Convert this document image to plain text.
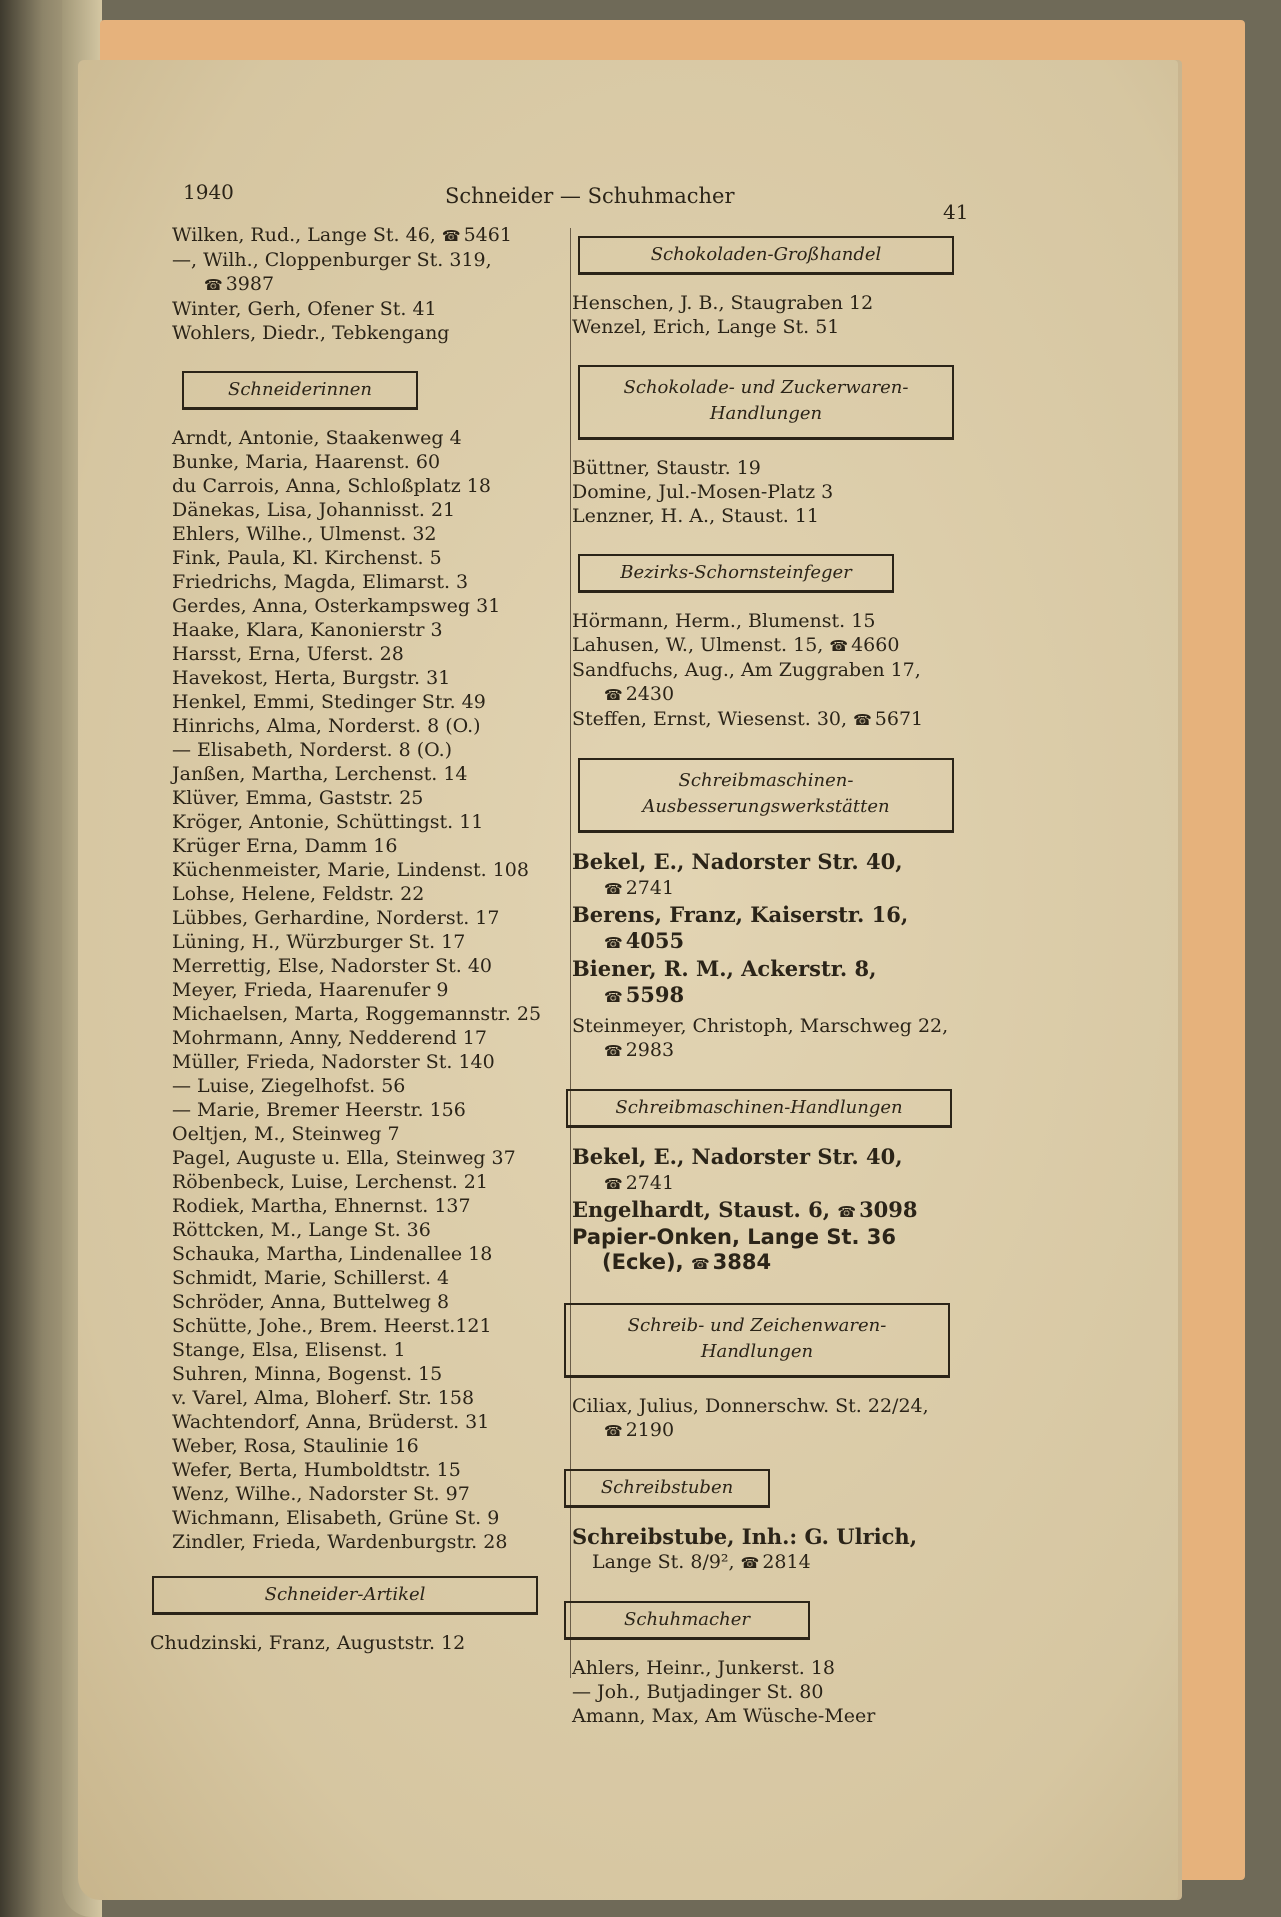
1940	Schneider — Schuhmacher
41
Wilken, Rud., Lange St. 46, ☎ 5461
—, Wilh., Cloppenburger St. 319,
☎ 3987
Winter, Gerh, Ofener St. 41
Wohlers, Diedr., Tebkengang
Schneiderinnen
Arndt, Antonie, Staakenweg 4
Bunke, Maria, Haarenst. 60
du Carrois, Anna, Schloßplatz 18
Dänekas, Lisa, Johannisst. 21
Ehlers, Wilhe., Ulmenst. 32
Fink, Paula, Kl. Kirchenst. 5
Friedrichs, Magda, Elimarst. 3
Gerdes, Anna, Osterkampsweg 31
Haake, Klara, Kanonierstr 3
Harsst, Erna, Uferst. 28
Havekost, Herta, Burgstr. 31
Henkel, Emmi, Stedinger Str. 49
Hinrichs, Alma, Norderst. 8 (O.)
— Elisabeth, Norderst. 8 (O.)
Janßen, Martha, Lerchenst. 14
Klüver, Emma, Gaststr. 25
Kröger, Antonie, Schüttingst. 11
Krüger Erna, Damm 16
Küchenmeister, Marie, Lindenst. 108
Lohse, Helene, Feldstr. 22
Lübbes, Gerhardine, Norderst. 17
Lüning, H., Würzburger St. 17
Merrettig, Else, Nadorster St. 40
Meyer, Frieda, Haarenufer 9
Michaelsen, Marta, Roggemannstr. 25
Mohrmann, Anny, Nedderend 17
Müller, Frieda, Nadorster St. 140
— Luise, Ziegelhofst. 56
— Marie, Bremer Heerstr. 156
Oeltjen, M., Steinweg 7
Pagel, Auguste u. Ella, Steinweg 37
Röbenbeck, Luise, Lerchenst. 21
Rodiek, Martha, Ehnernst. 137
Röttcken, M., Lange St. 36
Schauka, Martha, Lindenallee 18
Schmidt, Marie, Schillerst. 4
Schröder, Anna, Buttelweg 8
Schütte, Johe., Brem. Heerst.121
Stange, Elsa, Elisenst. 1
Suhren, Minna, Bogenst. 15
v. Varel, Alma, Bloherf. Str. 158
Wachtendorf, Anna, Brüderst. 31
Weber, Rosa, Staulinie 16
Wefer, Berta, Humboldtstr. 15
Wenz, Wilhe., Nadorster St. 97
Wichmann, Elisabeth, Grüne St. 9
Zindler, Frieda, Wardenburgstr. 28
Schneider-Artikel
Chudzinski, Franz, Auguststr. 12
Schokoladen-Großhandel
Henschen, J. B., Staugraben 12
Wenzel, Erich, Lange St. 51
Schokolade- und Zuckerwaren-
Handlungen
Büttner, Staustr. 19
Domine, Jul.-Mosen-Platz 3
Lenzner, H. A., Staust. 11
Bezirks-Schornsteinfeger
Hörmann, Herm., Blumenst. 15
Lahusen, W., Ulmenst. 15, ☎ 4660
Sandfuchs, Aug., Am Zuggraben 17,
☎ 2430
Steffen, Ernst, Wiesenst. 30, ☎ 5671
Schreibmaschinen-
Ausbesserungswerkstätten
Bekel, E., Nadorster Str. 40,
☎ 2741
Berens, Franz, Kaiserstr. 16,
☎ 4055
Biener, R. M., Ackerstr. 8,
☎ 5598
Steinmeyer, Christoph, Marschweg 22,
☎ 2983
Schreibmaschinen-Handlungen
Bekel, E., Nadorster Str. 40,
☎ 2741
Engelhardt, Staust. 6, ☎ 3098
Papier-Onken, Lange St. 36
(Ecke), ☎ 3884
Schreib- und Zeichenwaren-
Handlungen
Ciliax, Julius, Donnerschw. St. 22/24,
☎ 2190
Schreibstuben
Schreibstube, Inh.: G. Ulrich,
Lange St. 8/9², ☎ 2814
Schuhmacher
Ahlers, Heinr., Junkerst. 18
— Joh., Butjadinger St. 80
Amann, Max, Am Wüsche-Meer
